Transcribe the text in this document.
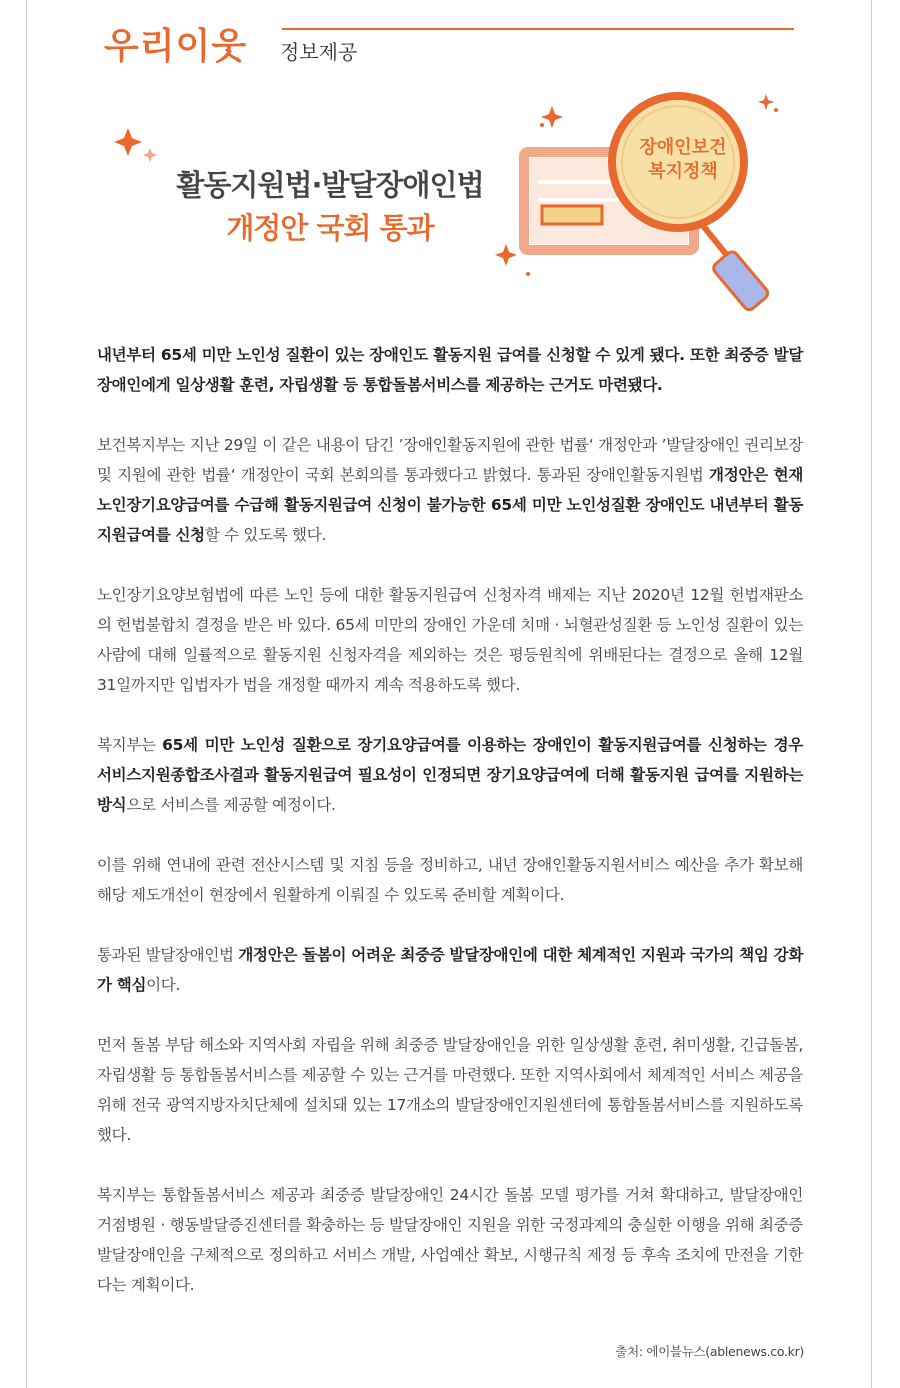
우리이웃 정보제공
장애인보건
복지정책
활동지원법·발달장애인법
개정안 국회 통과

내년부터 65세 미만 노인성 질환이 있는 장애인도 활동지원 급여를 신청할 수 있게 됐다. 또한 최중증 발달장애인에게 일상생활 훈련, 자립생활 등 통합돌봄서비스를 제공하는 근거도 마련됐다.

보건복지부는 지난 29일 이 같은 내용이 담긴 ’장애인활동지원에 관한 법률‘ 개정안과 ’발달장애인 권리보장 및 지원에 관한 법률‘ 개정안이 국회 본회의를 통과했다고 밝혔다. 통과된 장애인활동지원법 개정안은 현재 노인장기요양급여를 수급해 활동지원급여 신청이 불가능한 65세 미만 노인성질환 장애인도 내년부터 활동지원급여를 신청할 수 있도록 했다.

노인장기요양보험법에 따른 노인 등에 대한 활동지원급여 신청자격 배제는 지난 2020년 12월 헌법재판소의 헌법불합치 결정을 받은 바 있다. 65세 미만의 장애인 가운데 치매 · 뇌혈관성질환 등 노인성 질환이 있는 사람에 대해 일률적으로 활동지원 신청자격을 제외하는 것은 평등원칙에 위배된다는 결정으로 올해 12월 31일까지만 입법자가 법을 개정할 때까지 계속 적용하도록 했다.

복지부는 65세 미만 노인성 질환으로 장기요양급여를 이용하는 장애인이 활동지원급여를 신청하는 경우 서비스지원종합조사결과 활동지원급여 필요성이 인정되면 장기요양급여에 더해 활동지원 급여를 지원하는 방식으로 서비스를 제공할 예정이다.

이를 위해 연내에 관련 전산시스템 및 지침 등을 정비하고, 내년 장애인활동지원서비스 예산을 추가 확보해 해당 제도개선이 현장에서 원활하게 이뤄질 수 있도록 준비할 계획이다.

통과된 발달장애인법 개정안은 돌봄이 어려운 최중증 발달장애인에 대한 체계적인 지원과 국가의 책임 강화가 핵심이다.

먼저 돌봄 부담 해소와 지역사회 자립을 위해 최중증 발달장애인을 위한 일상생활 훈련, 취미생활, 긴급돌봄, 자립생활 등 통합돌봄서비스를 제공할 수 있는 근거를 마련했다. 또한 지역사회에서 체계적인 서비스 제공을 위해 전국 광역지방자치단체에 설치돼 있는 17개소의 발달장애인지원센터에 통합돌봄서비스를 지원하도록 했다.

복지부는 통합돌봄서비스 제공과 최중증 발달장애인 24시간 돌봄 모델 평가를 거쳐 확대하고, 발달장애인 거점병원 · 행동발달증진센터를 확충하는 등 발달장애인 지원을 위한 국정과제의 충실한 이행을 위해 최중증 발달장애인을 구체적으로 정의하고 서비스 개발, 사업예산 확보, 시행규칙 제정 등 후속 조치에 만전을 기한다는 계획이다.

출처: 에이블뉴스(ablenews.co.kr)
